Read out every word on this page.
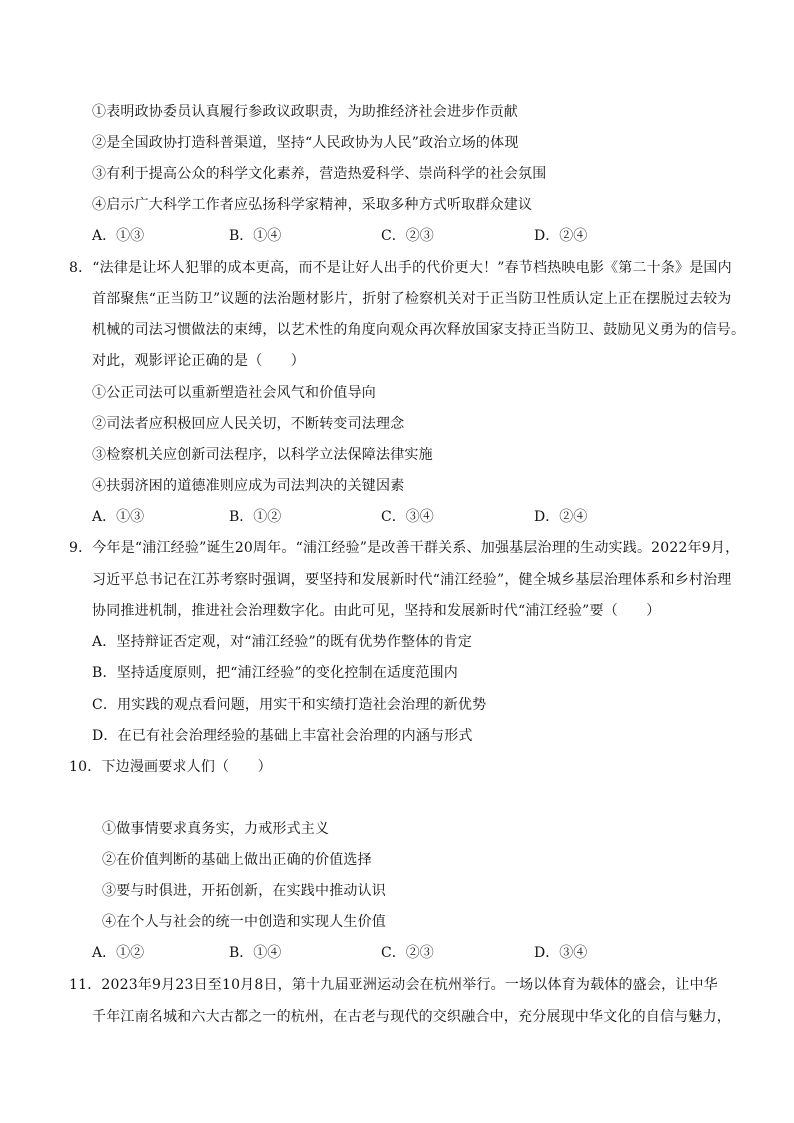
①表明政协委员认真履行参政议政职责，为助推经济社会进步作贡献
②是全国政协打造科普渠道，坚持“人民政协为人民”政治立场的体现
③有利于提高公众的科学文化素养，营造热爱科学、崇尚科学的社会氛围
④启示广大科学工作者应弘扬科学家精神，采取多种方式听取群众建议
A．①③	B．①④	C．②③	D．②④
8．“法律是让坏人犯罪的成本更高，而不是让好人出手的代价更大！”春节档热映电影《第二十条》是国内
首部聚焦“正当防卫”议题的法治题材影片，折射了检察机关对于正当防卫性质认定上正在摆脱过去较为
机械的司法习惯做法的束缚，以艺术性的角度向观众再次释放国家支持正当防卫、鼓励见义勇为的信号。
对此，观影评论正确的是（　　）
①公正司法可以重新塑造社会风气和价值导向
②司法者应积极回应人民关切，不断转变司法理念
③检察机关应创新司法程序，以科学立法保障法律实施
④扶弱济困的道德准则应成为司法判决的关键因素
A．①③	B．①②	C．③④	D．②④
9．今年是“浦江经验”诞生20周年。“浦江经验”是改善干群关系、加强基层治理的生动实践。2022年9月，
习近平总书记在江苏考察时强调，要坚持和发展新时代“浦江经验”，健全城乡基层治理体系和乡村治理
协同推进机制，推进社会治理数字化。由此可见，坚持和发展新时代“浦江经验”要（　　）
A．坚持辩证否定观，对“浦江经验”的既有优势作整体的肯定
B．坚持适度原则，把“浦江经验”的变化控制在适度范围内
C．用实践的观点看问题，用实干和实绩打造社会治理的新优势
D．在已有社会治理经验的基础上丰富社会治理的内涵与形式
10．下边漫画要求人们（　　）
①做事情要求真务实，力戒形式主义
②在价值判断的基础上做出正确的价值选择
③要与时俱进，开拓创新，在实践中推动认识
④在个人与社会的统一中创造和实现人生价值
A．①②	B．①④	C．②③	D．③④
11．2023年9月23日至10月8日，第十九届亚洲运动会在杭州举行。一场以体育为载体的盛会，让中华
千年江南名城和六大古都之一的杭州，在古老与现代的交织融合中，充分展现中华文化的自信与魅力，
